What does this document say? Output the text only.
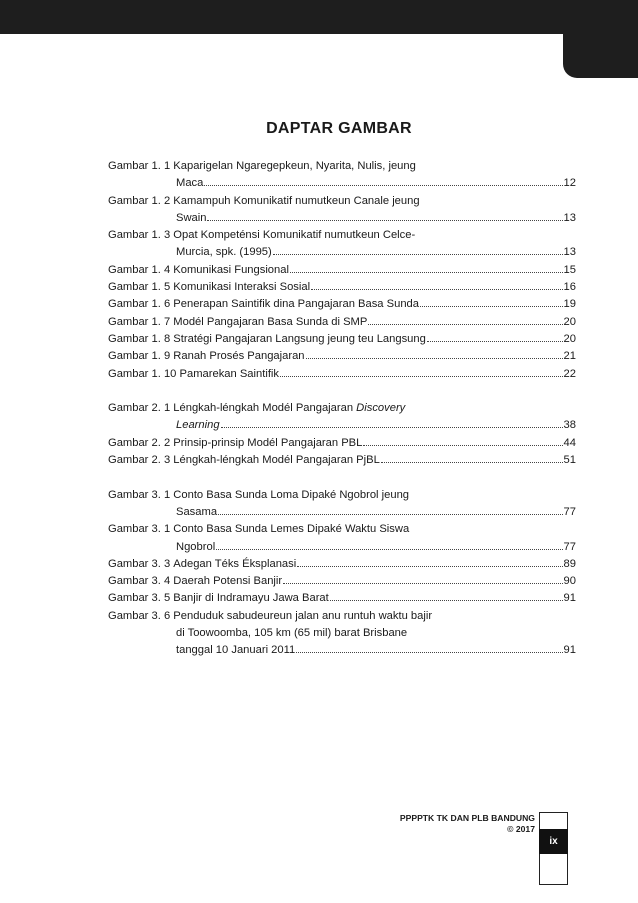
DAPTAR GAMBAR
Gambar 1. 1 Kaparigelan Ngaregepkeun, Nyarita, Nulis, jeung
Maca	12
Gambar 1. 2 Kamampuh Komunikatif numutkeun Canale jeung
Swain	13
Gambar 1. 3 Opat Kompeténsi Komunikatif numutkeun Celce-
Murcia, spk. (1995)	13
Gambar 1. 4 Komunikasi Fungsional	15
Gambar 1. 5 Komunikasi Interaksi Sosial	16
Gambar 1. 6 Penerapan Saintifik dina Pangajaran Basa Sunda	19
Gambar 1. 7 Modél Pangajaran Basa Sunda di SMP	20
Gambar 1. 8 Stratégi Pangajaran Langsung jeung teu Langsung	20
Gambar 1. 9 Ranah Prosés Pangajaran	21
Gambar 1. 10 Pamarekan Saintifik	22
Gambar 2. 1 Léngkah-léngkah Modél Pangajaran Discovery
Learning	38
Gambar 2. 2 Prinsip-prinsip Modél Pangajaran PBL	44
Gambar 2. 3 Léngkah-léngkah Modél Pangajaran PjBL	51
Gambar 3. 1 Conto Basa Sunda Loma Dipaké Ngobrol jeung
Sasama	77
Gambar 3. 1 Conto Basa Sunda Lemes Dipaké Waktu Siswa
Ngobrol	77
Gambar 3. 3 Adegan Téks Éksplanasi	89
Gambar 3. 4 Daerah Potensi Banjir	90
Gambar 3. 5 Banjir di Indramayu Jawa Barat	91
Gambar 3. 6 Penduduk sabudeureun jalan anu runtuh waktu bajir
di Toowoomba, 105 km (65 mil) barat Brisbane
tanggal 10 Januari 2011	91
PPPPTK TK DAN PLB BANDUNG
© 2017
ix
